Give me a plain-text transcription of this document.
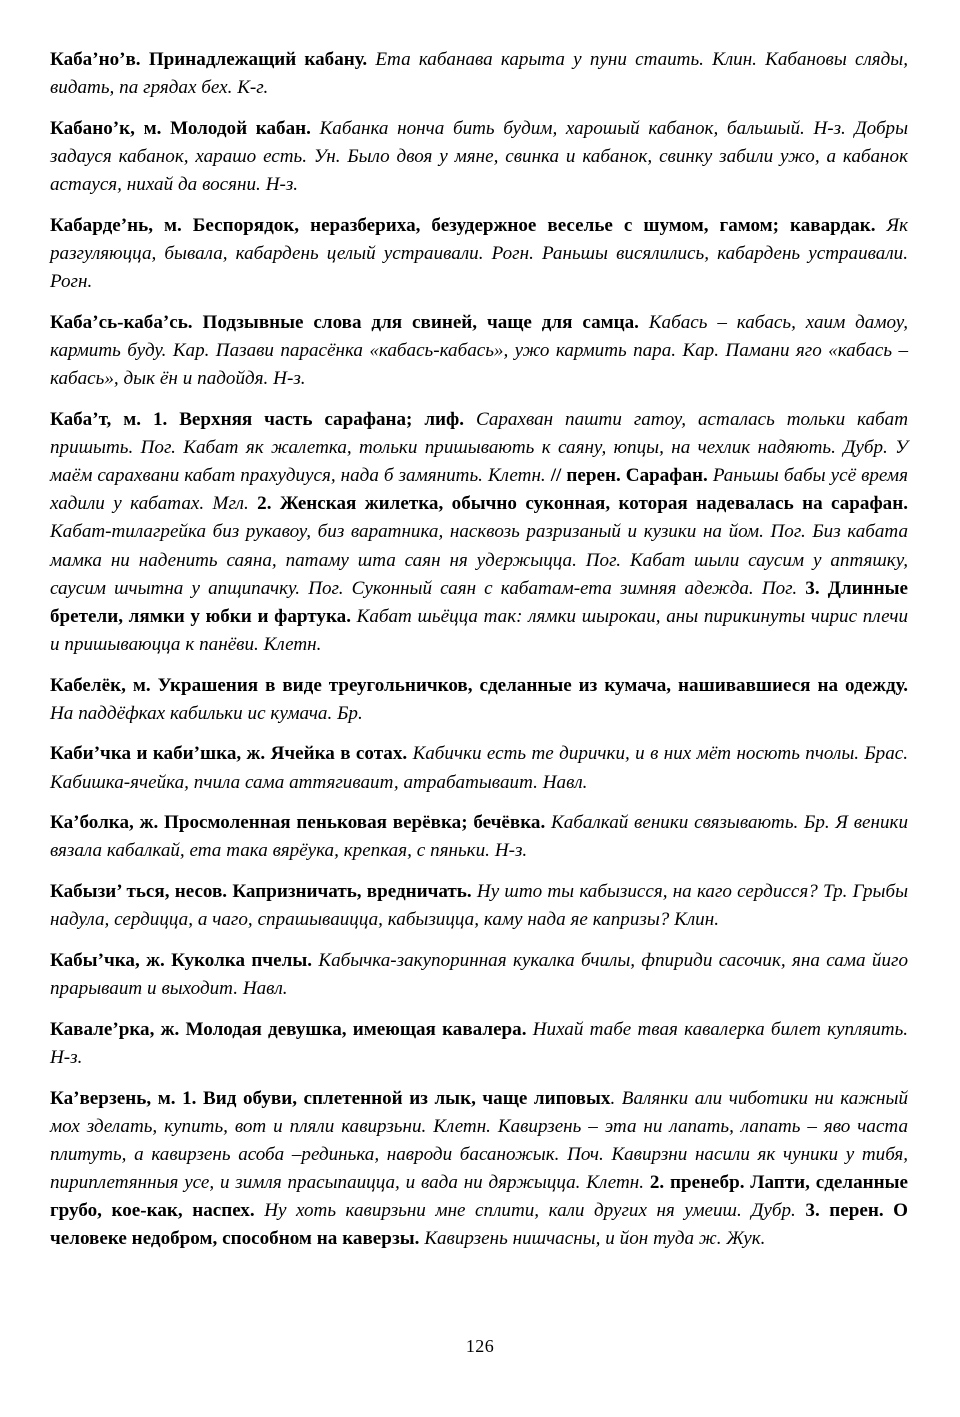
Каба’но’в. Принадлежащий кабану. Ета кабанава карыта у пуни стаить. Клин. Кабановы сляды, видать, па грядах бех. К-г.

Кабано’к, м. Молодой кабан. Кабанка нонча бить будим, харошый кабанок, бальшый. Н-з. Добры задауся кабанок, харашо есть. Ун. Было двоя у мяне, свинка и кабанок, свинку забили ужо, а кабанок астауся, нихай да восяни. Н-з.

Кабарде’нь, м. Беспорядок, неразбериха, безудержное веселье с шумом, гамом; кавардак. Як разгуляюцца, бывала, кабардень целый устраивали. Рогн. Раньшы висялились, кабардень устраивали. Рогн.

Каба’сь-каба’сь. Подзывные слова для свиней, чаще для самца. Кабась – кабась, хаим дамоу, кармить буду. Кар. Пазави парасёнка «кабась-кабась», ужо кармить пара. Кар. Памани яго «кабась –кабась», дык ён и падойдя. Н-з.

Каба’т, м. 1. Верхняя часть сарафана; лиф. Сарахван пашти гатоу, асталась тольки кабат пришыть. Пог. Кабат як жалетка, тольки пришывають к саяну, юпцы, на чехлик надяють. Дубр. У маём сарахвани кабат прахудиуся, нада б замянить. Клетн. // перен. Сарафан. Раньшы бабы усё время хадили у кабатах. Мгл. 2. Женская жилетка, обычно суконная, которая надевалась на сарафан. Кабат-тилагрейка биз рукавоу, биз варатника, насквозь разризаный и кузики на йом. Пог. Биз кабата мамка ни наденить саяна, патаму шта саян ня удержыцца. Пог. Кабат шыли саусим у аптяшку, саусим шчытна у апщипачку. Пог. Суконный саян с кабатам-ета зимняя адежда. Пог. 3. Длинные бретели, лямки у юбки и фартука. Кабат шьёцца так: лямки шырокаи, аны пирикинуты чирис плечи и пришываюцца к панёви. Клетн.

Кабелёк, м. Украшения в виде треугольничков, сделанные из кумача, нашивавшиеся на одежду. На паддёфках кабильки ис кумача. Бр.

Каби’чка и каби’шка, ж. Ячейка в сотах. Кабички есть те дирички, и в них мёт носють пчолы. Брас. Кабишка-ячейка, пчила сама аттягиваит, атрабатываит. Навл.

Ка’болка, ж. Просмоленная пеньковая верёвка; бечёвка. Кабалкай веники связывають. Бр. Я веники вязала кабалкай, ета така вярёука, крепкая, с пяньки. Н-з.

Кабызи’ ться, несов. Капризничать, вредничать. Ну што ты кабызисся, на каго сердисся? Тр. Грыбы надула, сердицца, а чаго, спрашываицца, кабызицца, каму нада яе капризы? Клин.

Кабы’чка, ж. Куколка пчелы. Кабычка-закупоринная кукалка бчилы, фпириди сасочик, яна сама йиго прарываит и выходит. Навл.

Кавале’рка, ж. Молодая девушка, имеющая кавалера. Нихай табе твая кавалерка билет купляить. Н-з.

Ка’верзень, м. 1. Вид обуви, сплетенной из лык, чаще липовых. Валянки али чиботики ни кажный мох зделать, купить, вот и пляли кавирзьни. Клетн. Кавирзень – эта ни лапать, лапать – яво часта плитуть, а кавирзень асоба –рединька, навроди басаножык. Поч. Кавирзни насили як чуники у тибя, пириплетянныя усе, и зимля прасыпаицца, и вада ни дяржыцца. Клетн. 2. пренебр. Лапти, сделанные грубо, кое-как, наспех. Ну хоть кавирзьни мне сплити, кали других ня умеиш. Дубр. 3. перен. О человеке недобром, способном на каверзы. Кавирзень нишчасны, и йон туда ж. Жук.

126
